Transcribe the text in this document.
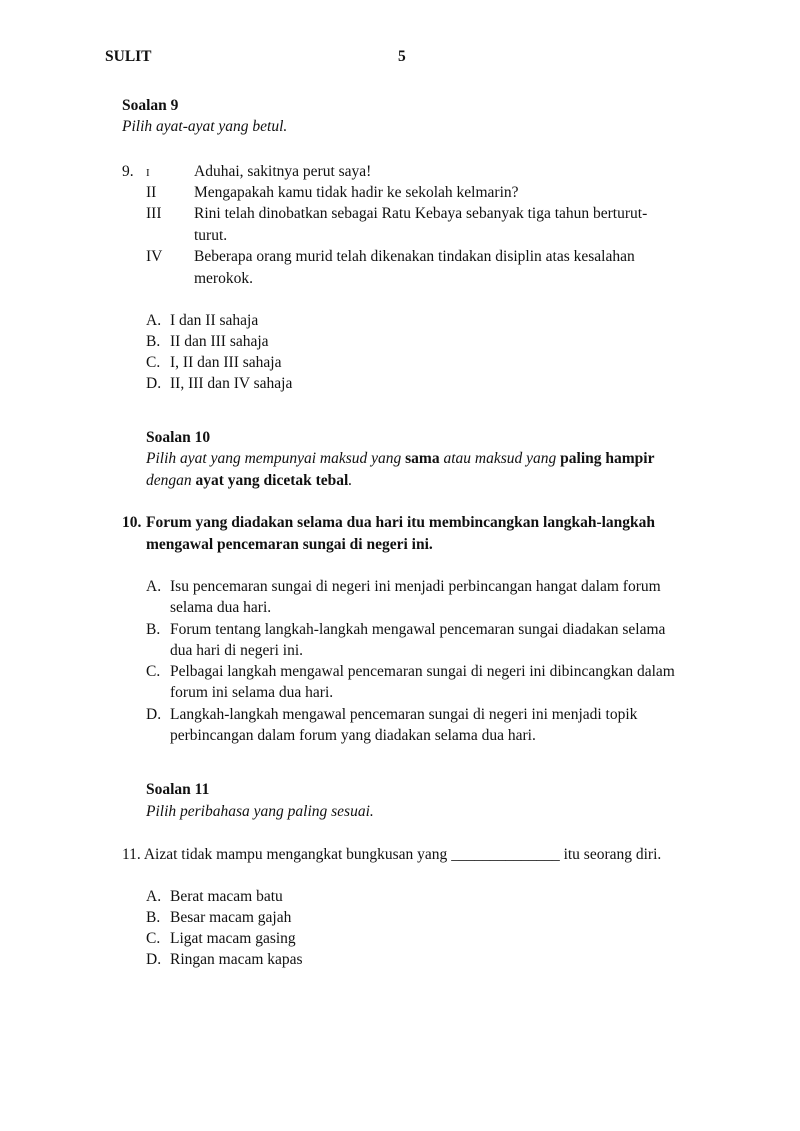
SULIT	5
Soalan 9
Pilih ayat-ayat yang betul.
9. I	Aduhai, sakitnya perut saya!
II Mengapakah kamu tidak hadir ke sekolah kelmarin?
III Rini telah dinobatkan sebagai Ratu Kebaya sebanyak tiga tahun berturut-
turut.
IV Beberapa orang murid telah dikenakan tindakan disiplin atas kesalahan
merokok.
A. I dan II sahaja
B. II dan III sahaja
C. I, II dan III sahaja
D. II, III dan IV sahaja
Soalan 10
Pilih ayat yang mempunyai maksud yang sama atau maksud yang paling hampir
dengan ayat yang dicetak tebal.
10. Forum yang diadakan selama dua hari itu membincangkan langkah-langkah
mengawal pencemaran sungai di negeri ini.
A. Isu pencemaran sungai di negeri ini menjadi perbincangan hangat dalam forum
selama dua hari.
B. Forum tentang langkah-langkah mengawal pencemaran sungai diadakan selama
dua hari di negeri ini.
C. Pelbagai langkah mengawal pencemaran sungai di negeri ini dibincangkan dalam
forum ini selama dua hari.
D. Langkah-langkah mengawal pencemaran sungai di negeri ini menjadi topik
perbincangan dalam forum yang diadakan selama dua hari.
Soalan 11
Pilih peribahasa yang paling sesuai.
11. Aizat tidak mampu mengangkat bungkusan yang ______________ itu seorang diri.
A. Berat macam batu
B. Besar macam gajah
C. Ligat macam gasing
D. Ringan macam kapas
